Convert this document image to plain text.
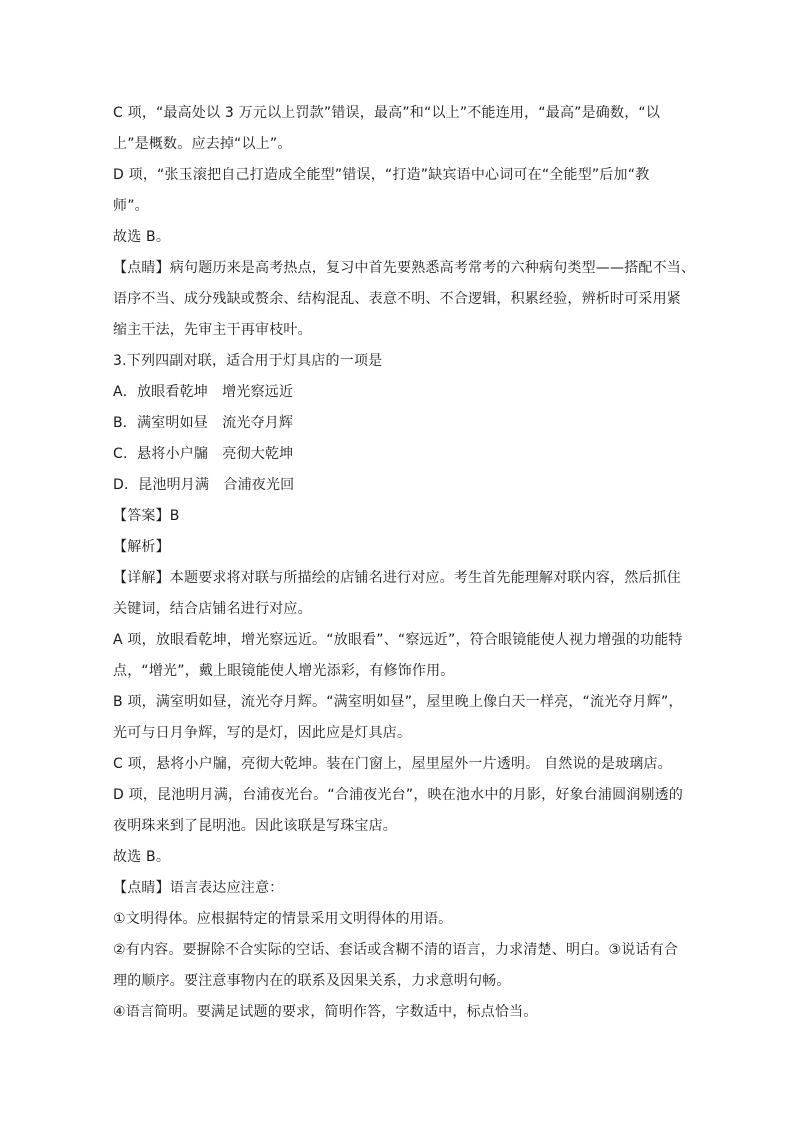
C 项，“最高处以 3 万元以上罚款”错误，最高”和“以上”不能连用，“最高”是确数，“以
上”是概数。应去掉“以上”。
D 项，“张玉滚把自己打造成全能型”错误，“打造”缺宾语中心词可在“全能型”后加“教
师”。
故选 B。
【点睛】病句题历来是高考热点，复习中首先要熟悉高考常考的六种病句类型——搭配不当、
语序不当、成分残缺或赘余、结构混乱、表意不明、不合逻辑，积累经验，辨析时可采用紧
缩主干法，先审主干再审枝叶。
3.下列四副对联，适合用于灯具店的一项是
A．放眼看乾坤　增光察远近
B．满室明如昼　流光夺月辉
C．悬将小户牖　亮彻大乾坤
D．昆池明月满　合浦夜光回
【答案】B
【解析】
【详解】本题要求将对联与所描绘的店铺名进行对应。考生首先能理解对联内容，然后抓住
关键词，结合店铺名进行对应。
A 项，放眼看乾坤，增光察远近。“放眼看”、“察远近”，符合眼镜能使人视力增强的功能特
点，“增光”，戴上眼镜能使人增光添彩，有修饰作用。
B 项，满室明如昼，流光夺月辉。“满室明如昼”，屋里晚上像白天一样亮，“流光夺月辉”，
光可与日月争辉，写的是灯，因此应是灯具店。
C 项，悬将小户牖，亮彻大乾坤。装在门窗上，屋里屋外一片透明。 自然说的是玻璃店。
D 项，昆池明月满，台浦夜光台。“合浦夜光台”，映在池水中的月影，好象台浦圆润剔透的
夜明珠来到了昆明池。因此该联是写珠宝店。
故选 B。
【点睛】语言表达应注意：
①文明得体。应根据特定的情景采用文明得体的用语。
②有内容。要摒除不合实际的空话、套话或含糊不清的语言，力求清楚、明白。③说话有合
理的顺序。要注意事物内在的联系及因果关系，力求意明句畅。
④语言简明。要满足试题的要求，简明作答，字数适中，标点恰当。
